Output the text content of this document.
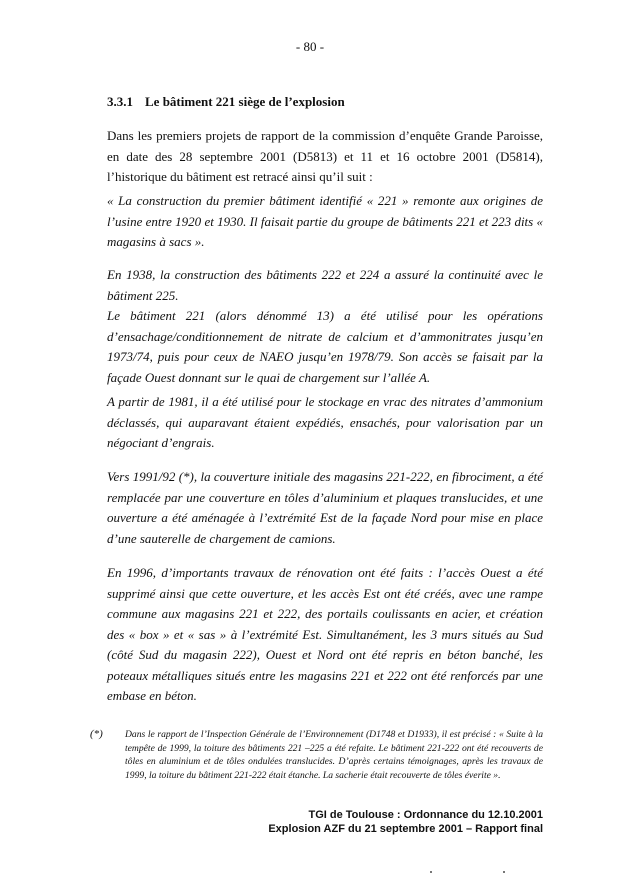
- 80 -
3.3.1 Le bâtiment 221 siège de l’explosion

Dans les premiers projets de rapport de la commission d’enquête Grande Paroisse, en date des 28 septembre 2001 (D5813) et 11 et 16 octobre 2001 (D5814), l’historique du bâtiment est retracé ainsi qu’il suit :

« La construction du premier bâtiment identifié « 221 » remonte aux origines de l’usine entre 1920 et 1930. Il faisait partie du groupe de bâtiments 221 et 223 dits « magasins à sacs ».

En 1938, la construction des bâtiments 222 et 224 a assuré la continuité avec le bâtiment 225.
Le bâtiment 221 (alors dénommé 13) a été utilisé pour les opérations d’ensachage/conditionnement de nitrate de calcium et d’ammonitrates jusqu’en 1973/74, puis pour ceux de NAEO jusqu’en 1978/79. Son accès se faisait par la façade Ouest donnant sur le quai de chargement sur l’allée A.

A partir de 1981, il a été utilisé pour le stockage en vrac des nitrates d’ammonium déclassés, qui auparavant étaient expédiés, ensachés, pour valorisation par un négociant d’engrais.

Vers 1991/92 (*), la couverture initiale des magasins 221-222, en fibrociment, a été remplacée par une couverture en tôles d’aluminium et plaques translucides, et une ouverture a été aménagée à l’extrémité Est de la façade Nord pour mise en place d’une sauterelle de chargement de camions.

En 1996, d’importants travaux de rénovation ont été faits : l’accès Ouest a été supprimé ainsi que cette ouverture, et les accès Est ont été créés, avec une rampe commune aux magasins 221 et 222, des portails coulissants en acier, et création des « box » et « sas » à l’extrémité Est. Simultanément, les 3 murs situés au Sud (côté Sud du magasin 222), Ouest et Nord ont été repris en béton banché, les poteaux métalliques situés entre les magasins 221 et 222 ont été renforcés par une embase en béton.

(*) Dans le rapport de l’Inspection Générale de l’Environnement (D1748 et D1933), il est précisé : « Suite à la tempête de 1999, la toiture des bâtiments 221 –225 a été refaite. Le bâtiment 221-222 ont été recouverts de tôles en aluminium et de tôles ondulées translucides. D’après certains témoignages, après les travaux de 1999, la toiture du bâtiment 221-222 était étanche. La sacherie était recouverte de tôles éverite ».
TGI de Toulouse : Ordonnance du 12.10.2001
Explosion AZF du 21 septembre 2001 – Rapport final
